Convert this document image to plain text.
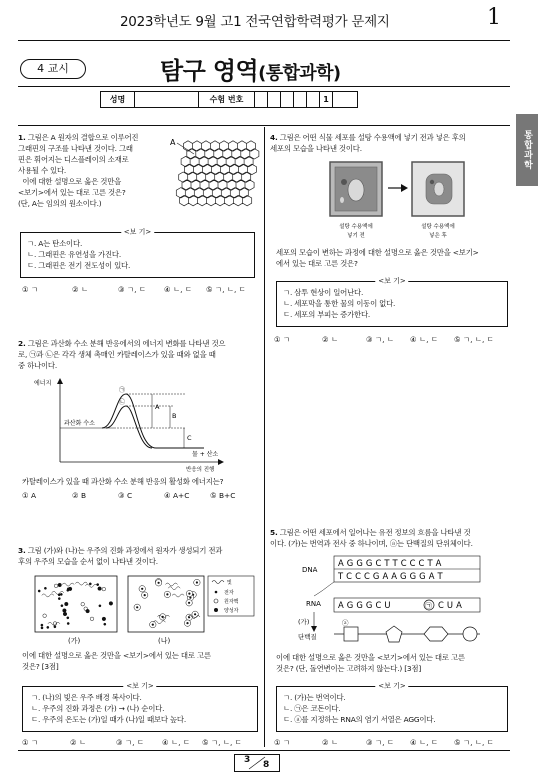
2023학년도 9월 고1 전국연합학력평가 문제지	1
4 교시	탐구 영역(통합과학)
성명	수험 번호	1
통합과학
1. 그림은 A 원자의 결합으로 이루어진
그래핀의 구조를 나타낸 것이다. 그래
핀은 휘어지는 디스플레이의 소재로
사용될 수 있다.
이에 대한 설명으로 옳은 것만을
<보기>에서 있는 대로 고른 것은?
(단, A는 임의의 원소이다.)
A
<보 기>
ㄱ. A는 탄소이다.
ㄴ. 그래핀은 유연성을 가진다.
ㄷ. 그래핀은 전기 전도성이 있다.
① ㄱ	② ㄴ	③ ㄱ, ㄷ	④ ㄴ, ㄷ	⑤ ㄱ, ㄴ, ㄷ
2. 그림은 과산화 수소 분해 반응에서의 에너지 변화를 나타낸 것으
로, ㉠과 ㉡은 각각 생체 촉매인 카탈레이스가 있을 때와 없을 때
중 하나이다.
에너지
반응의 진행
과산화 수소
㉠
㉡
A
B
C
물 + 산소
카탈레이스가 있을 때 과산화 수소 분해 반응의 활성화 에너지는?
① A	② B	③ C	④ A+C	⑤ B+C
3. 그림 (가)와 (나)는 우주의 진화 과정에서 원자가 생성되기 전과
후의 우주의 모습을 순서 없이 나타낸 것이다.
빛
전자
원자핵
양성자
(가)	(나)
이에 대한 설명으로 옳은 것만을 <보기>에서 있는 대로 고른
것은? [3점]
<보 기>
ㄱ. (나)의 빛은 우주 배경 복사이다.
ㄴ. 우주의 진화 과정은 (가) → (나) 순이다.
ㄷ. 우주의 온도는 (가)일 때가 (나)일 때보다 높다.
① ㄱ	② ㄴ	③ ㄱ, ㄷ	④ ㄴ, ㄷ	⑤ ㄱ, ㄴ, ㄷ
4. 그림은 어떤 식물 세포를 설탕 수용액에 넣기 전과 넣은 후의
세포의 모습을 나타낸 것이다.
설탕 수용액에
넣기 전
설탕 수용액에
넣은 후
세포의 모습이 변하는 과정에 대한 설명으로 옳은 것만을 <보기>
에서 있는 대로 고른 것은?
<보 기>
ㄱ. 삼투 현상이 일어난다.
ㄴ. 세포막을 통한 물의 이동이 없다.
ㄷ. 세포의 부피는 증가한다.
① ㄱ	② ㄴ	③ ㄱ, ㄴ	④ ㄴ, ㄷ	⑤ ㄱ, ㄴ, ㄷ
5. 그림은 어떤 세포에서 일어나는 유전 정보의 흐름을 나타낸 것
이다. (가)는 번역과 전사 중 하나이며, ⓐ는 단백질의 단위체이다.
DNA
A G G G C T T C C C T A
T C C C G A A G G G A T
RNA A G G G C U	㉠ C U A
(가)
단백질
ⓐ
이에 대한 설명으로 옳은 것만을 <보기>에서 있는 대로 고른
것은? (단, 돌연변이는 고려하지 않는다.) [3점]
<보 기>
ㄱ. (가)는 번역이다.
ㄴ. ㉠은 코돈이다.
ㄷ. ⓐ를 지정하는 RNA의 염기 서열은 AGG이다.
① ㄱ	② ㄴ	③ ㄱ, ㄷ	④ ㄴ, ㄷ	⑤ ㄱ, ㄴ, ㄷ
3 8
